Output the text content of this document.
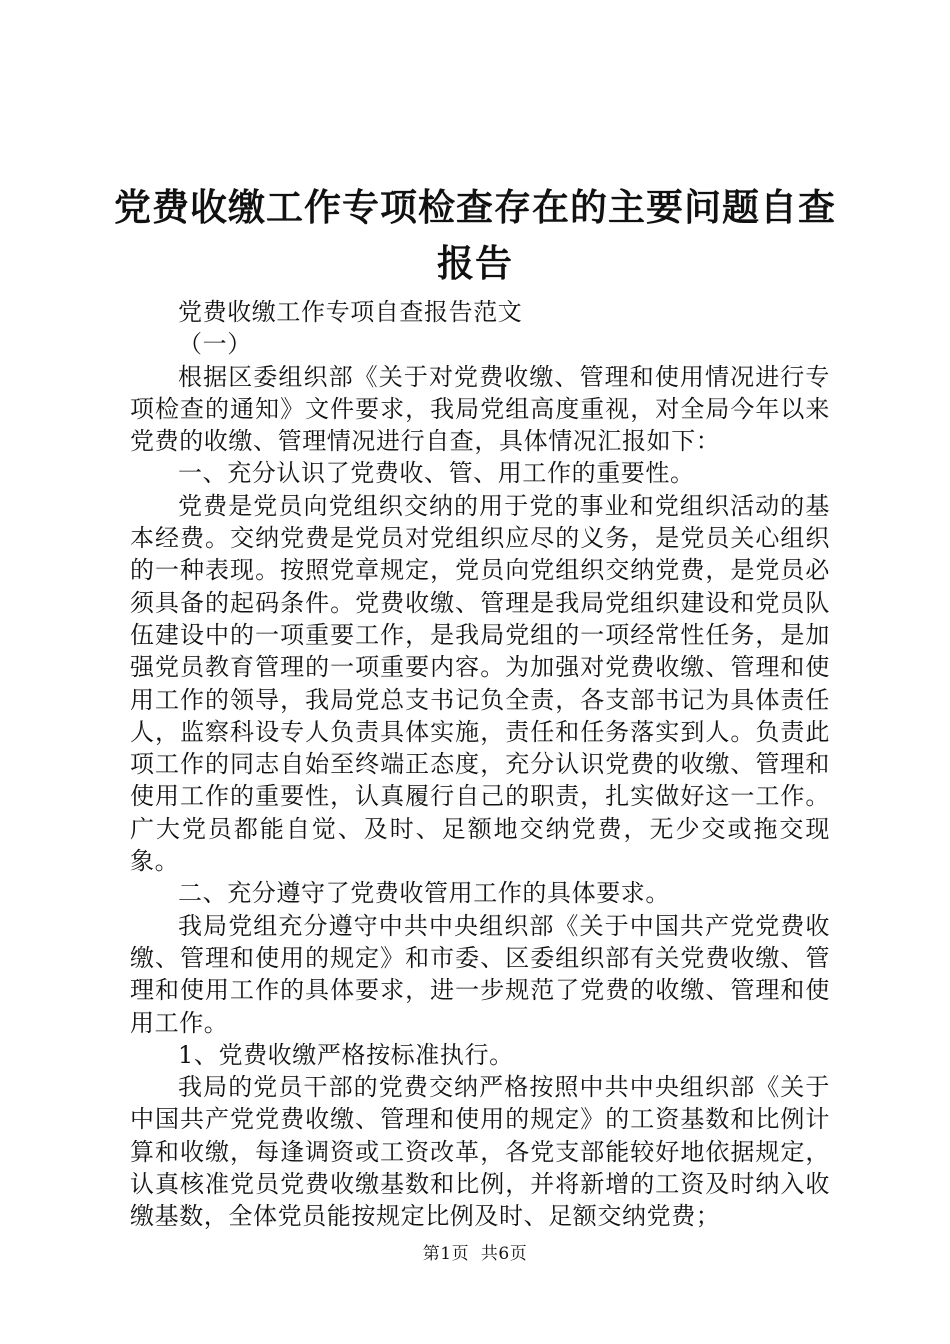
党费收缴工作专项检查存在的主要问题自查报告

党费收缴工作专项自查报告范文

（一）

根据区委组织部《关于对党费收缴、管理和使用情况进行专项检查的通知》文件要求，我局党组高度重视，对全局今年以来党费的收缴、管理情况进行自查，具体情况汇报如下：

一、充分认识了党费收、管、用工作的重要性。

党费是党员向党组织交纳的用于党的事业和党组织活动的基本经费。交纳党费是党员对党组织应尽的义务，是党员关心组织的一种表现。按照党章规定，党员向党组织交纳党费，是党员必须具备的起码条件。党费收缴、管理是我局党组织建设和党员队伍建设中的一项重要工作，是我局党组的一项经常性任务，是加强党员教育管理的一项重要内容。为加强对党费收缴、管理和使用工作的领导，我局党总支书记负全责，各支部书记为具体责任人，监察科设专人负责具体实施，责任和任务落实到人。负责此项工作的同志自始至终端正态度，充分认识党费的收缴、管理和使用工作的重要性，认真履行自己的职责，扎实做好这一工作。广大党员都能自觉、及时、足额地交纳党费，无少交或拖交现象。

二、充分遵守了党费收管用工作的具体要求。

我局党组充分遵守中共中央组织部《关于中国共产党党费收缴、管理和使用的规定》和市委、区委组织部有关党费收缴、管理和使用工作的具体要求，进一步规范了党费的收缴、管理和使用工作。

1、党费收缴严格按标准执行。

我局的党员干部的党费交纳严格按照中共中央组织部《关于中国共产党党费收缴、管理和使用的规定》的工资基数和比例计算和收缴，每逢调资或工资改革，各党支部能较好地依据规定，认真核准党员党费收缴基数和比例，并将新增的工资及时纳入收缴基数，全体党员能按规定比例及时、足额交纳党费；

第1页 共6页
